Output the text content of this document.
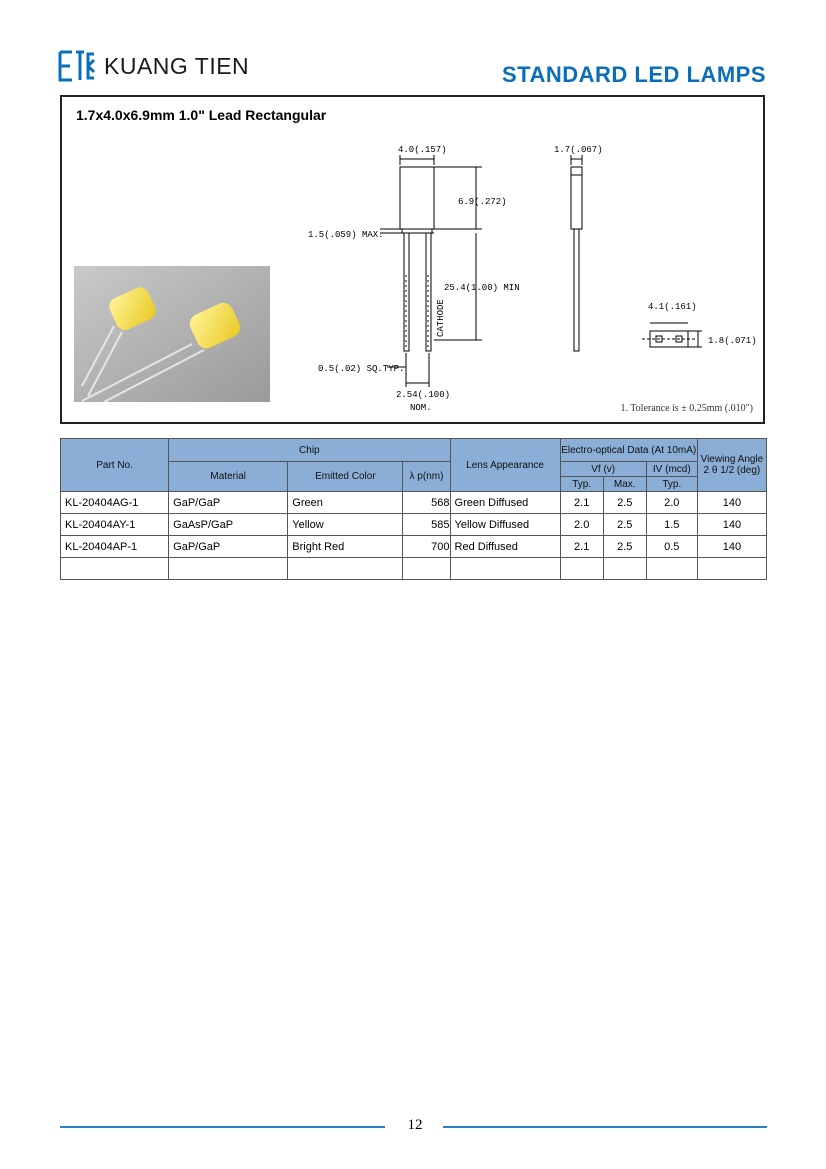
KUANG TIEN	STANDARD LED LAMPS
1.7x4.0x6.9mm 1.0" Lead Rectangular
4.0(.157)	1.7(.067)
6.9(.272)
1.5(.059) MAX.
25.4(1.00) MIN
0.5(.02) SQ.TYP.
2.54(.100)
NOM.
4.1(.161)
1.8(.071)
CATHODE
1. Tolerance is ± 0.25mm (.010")
Part No.	Chip			Lens Appearance	Electro-optical Data (At 10mA)			Viewing Angle 2 θ 1/2 (deg)
	Material	Emitted Color	λ p(nm)		Vf (v)		IV (mcd)	
					Typ.	Max.	Typ.	
KL-20404AG-1	GaP/GaP	Green	568	Green Diffused	2.1	2.5	2.0	140
KL-20404AY-1	GaAsP/GaP	Yellow	585	Yellow Diffused	2.0	2.5	1.5	140
KL-20404AP-1	GaP/GaP	Bright Red	700	Red Diffused	2.1	2.5	0.5	140

12
